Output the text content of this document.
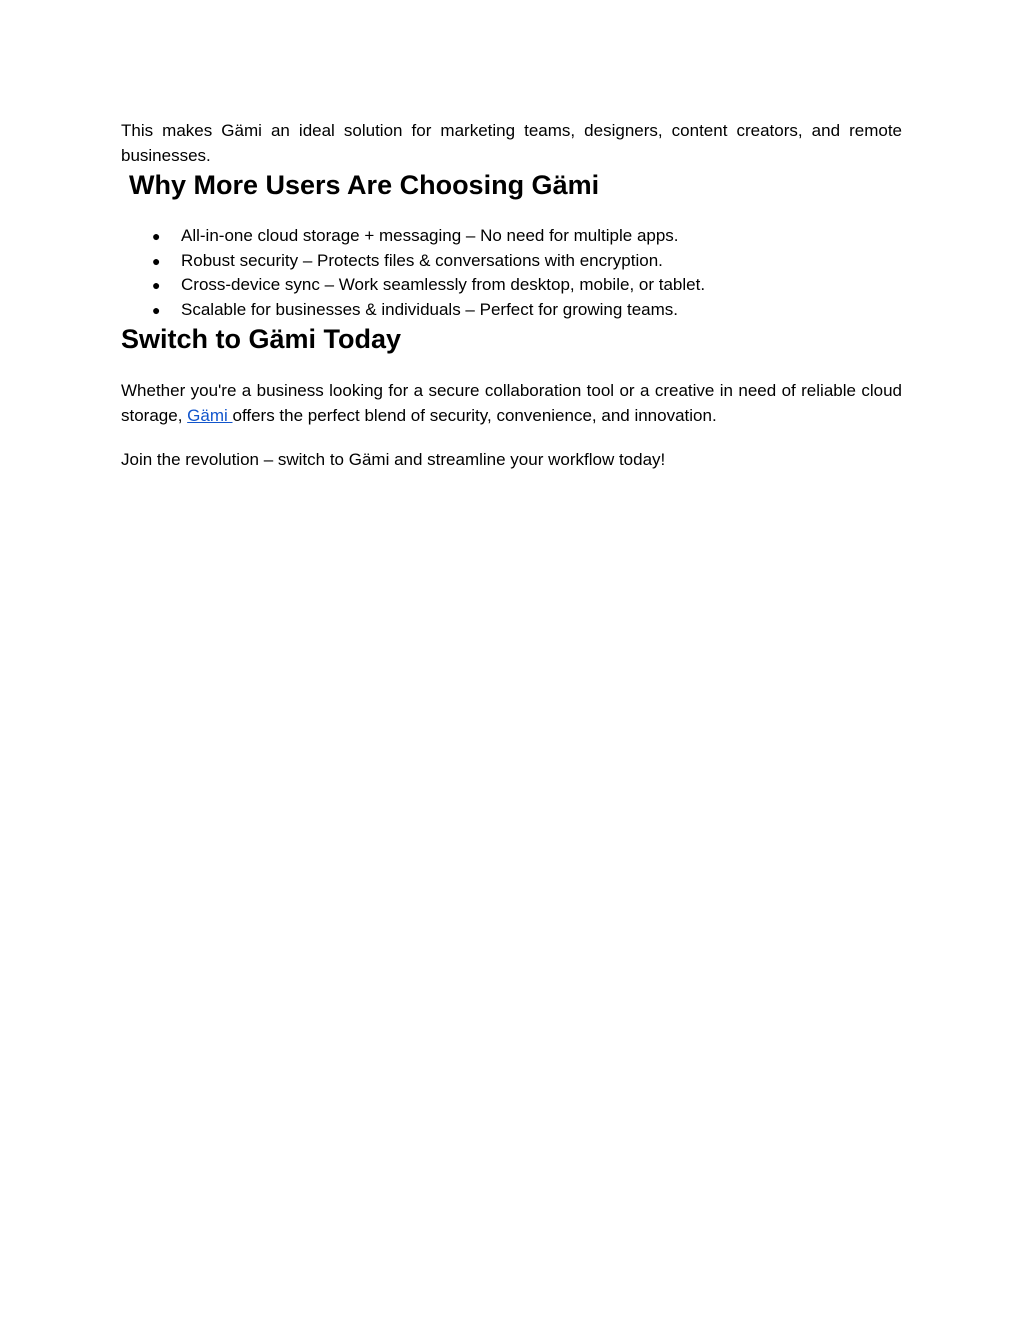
This makes Gämi an ideal solution for marketing teams, designers, content creators, and remote businesses.

Why More Users Are Choosing Gämi
● All-in-one cloud storage + messaging – No need for multiple apps.
● Robust security – Protects files & conversations with encryption.
● Cross-device sync – Work seamlessly from desktop, mobile, or tablet.
● Scalable for businesses & individuals – Perfect for growing teams.
Switch to Gämi Today

Whether you're a business looking for a secure collaboration tool or a creative in need of reliable cloud storage, Gämi offers the perfect blend of security, convenience, and innovation.

Join the revolution – switch to Gämi and streamline your workflow today!
